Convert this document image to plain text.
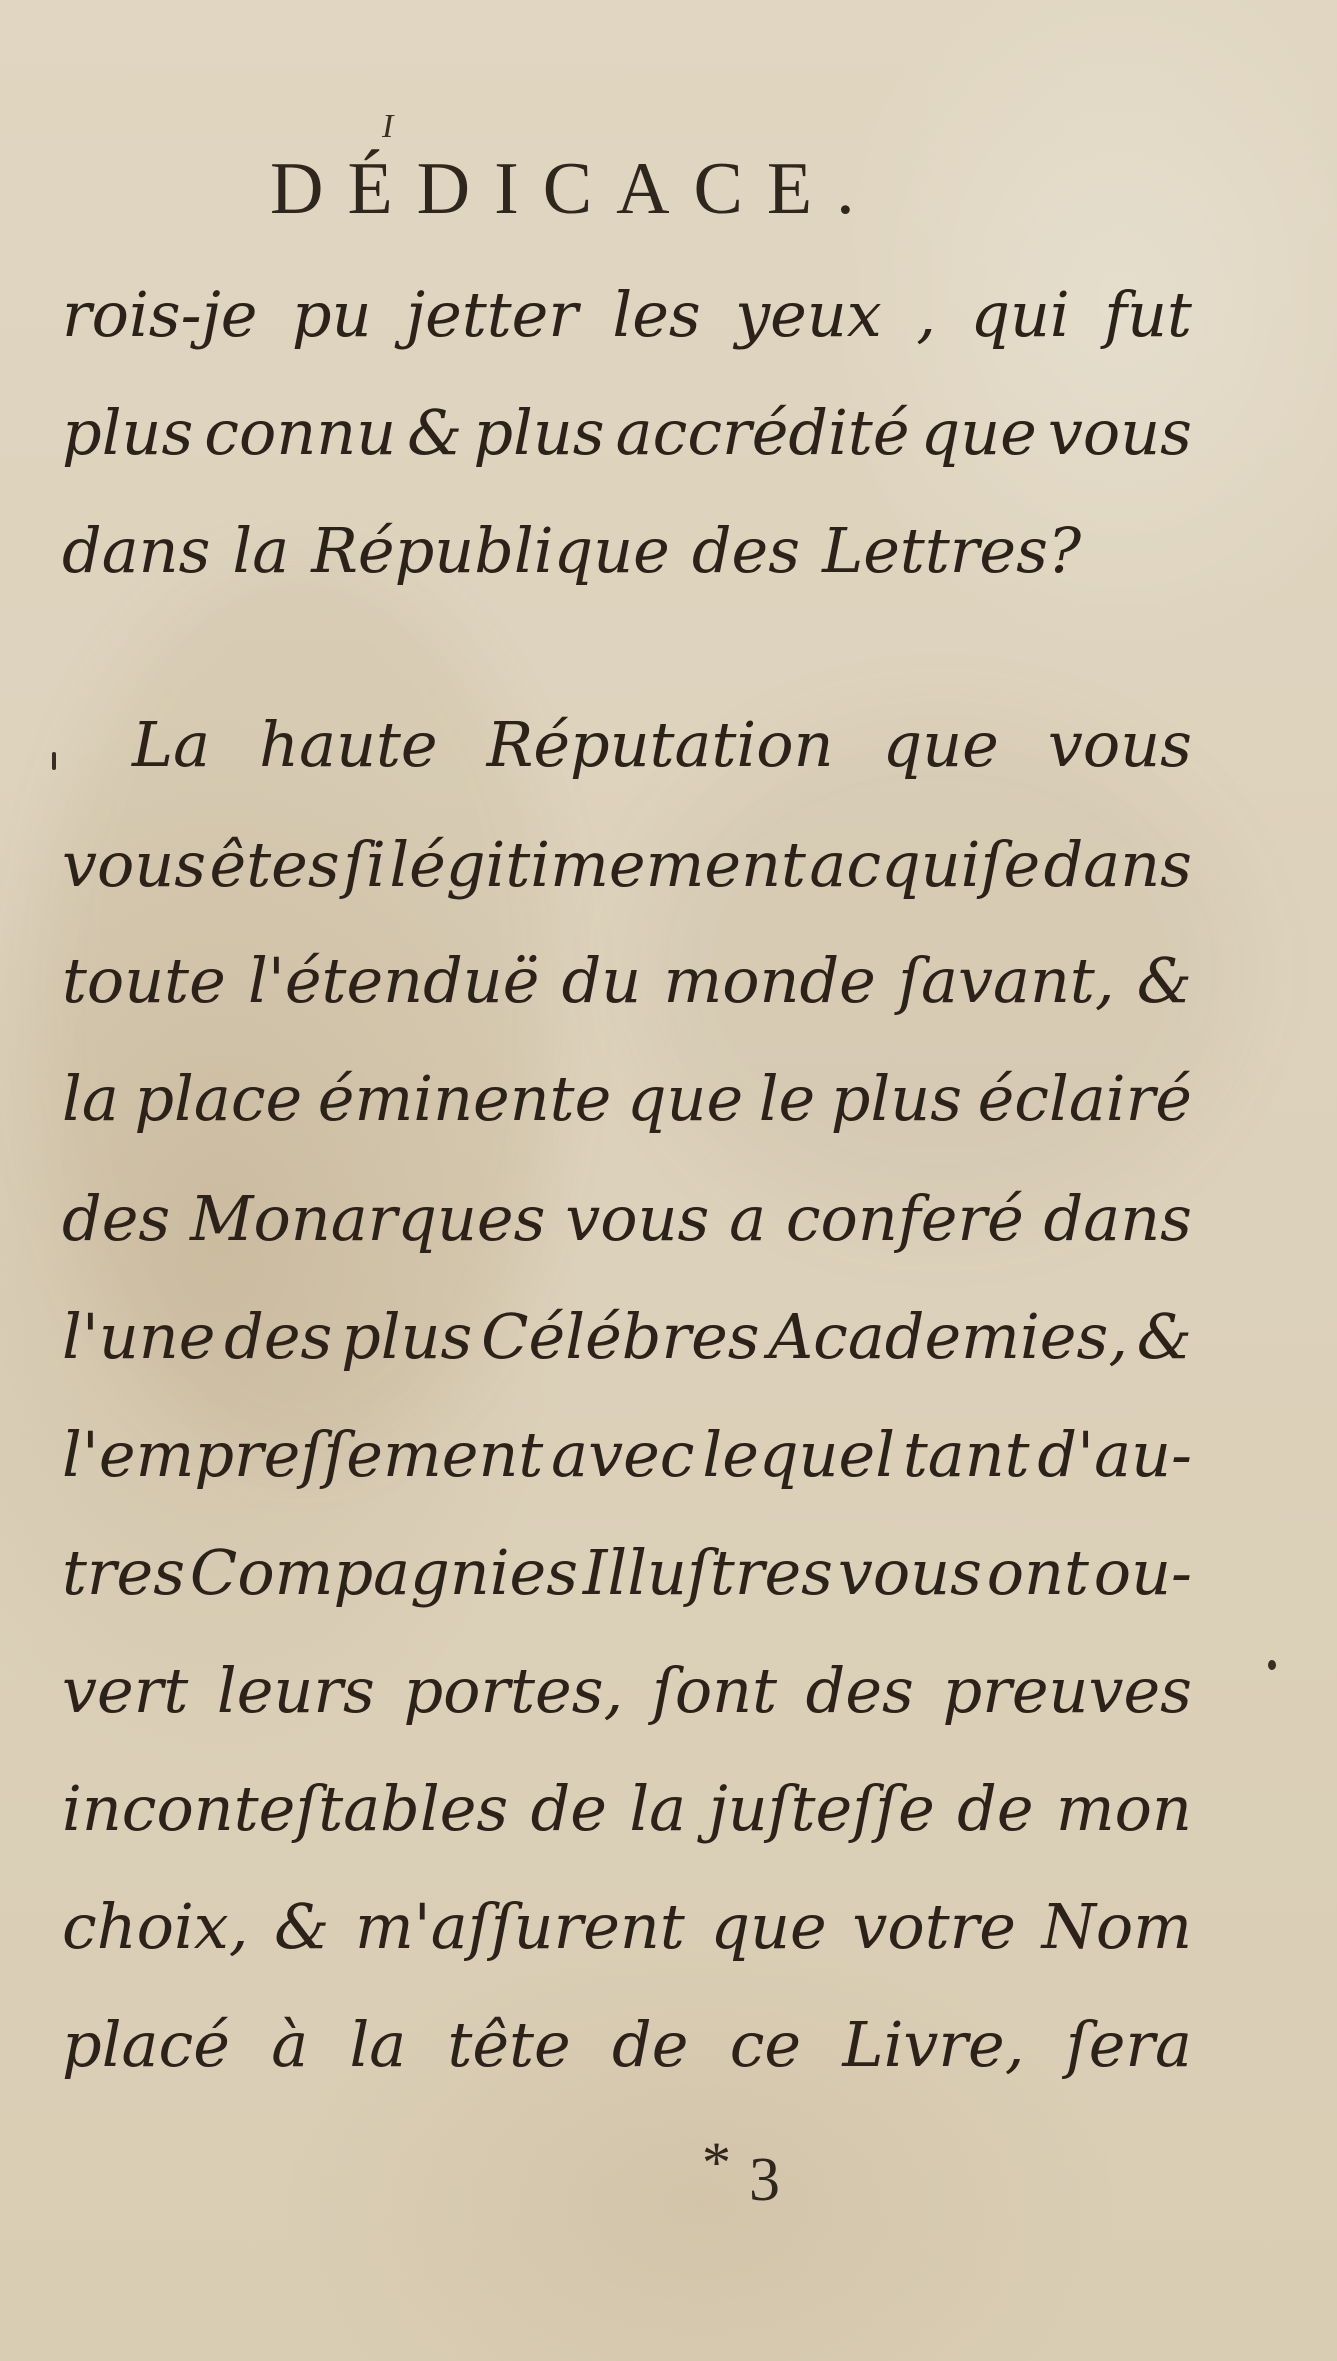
I
DÉDICACE.
rois-je pu jetter les yeux , qui fut
plus connu & plus accrédité que vous
dans la République des Lettres?
La haute Réputation que vous
vous êtes ſi légitimement acquiſe dans
toute l'étenduë du monde ſavant, &
la place éminente que le plus éclairé
des Monarques vous a conferé dans
l'une des plus Célébres Academies, &
l'empreſſement avec lequel tant d'au-
tres Compagnies Illuſtres vous ont ou-
vert leurs portes, ſont des preuves
inconteſtables de la juſteſſe de mon
choix, & m'aſſurent que votre Nom
placé à la tête de ce Livre, ſera
* 3
